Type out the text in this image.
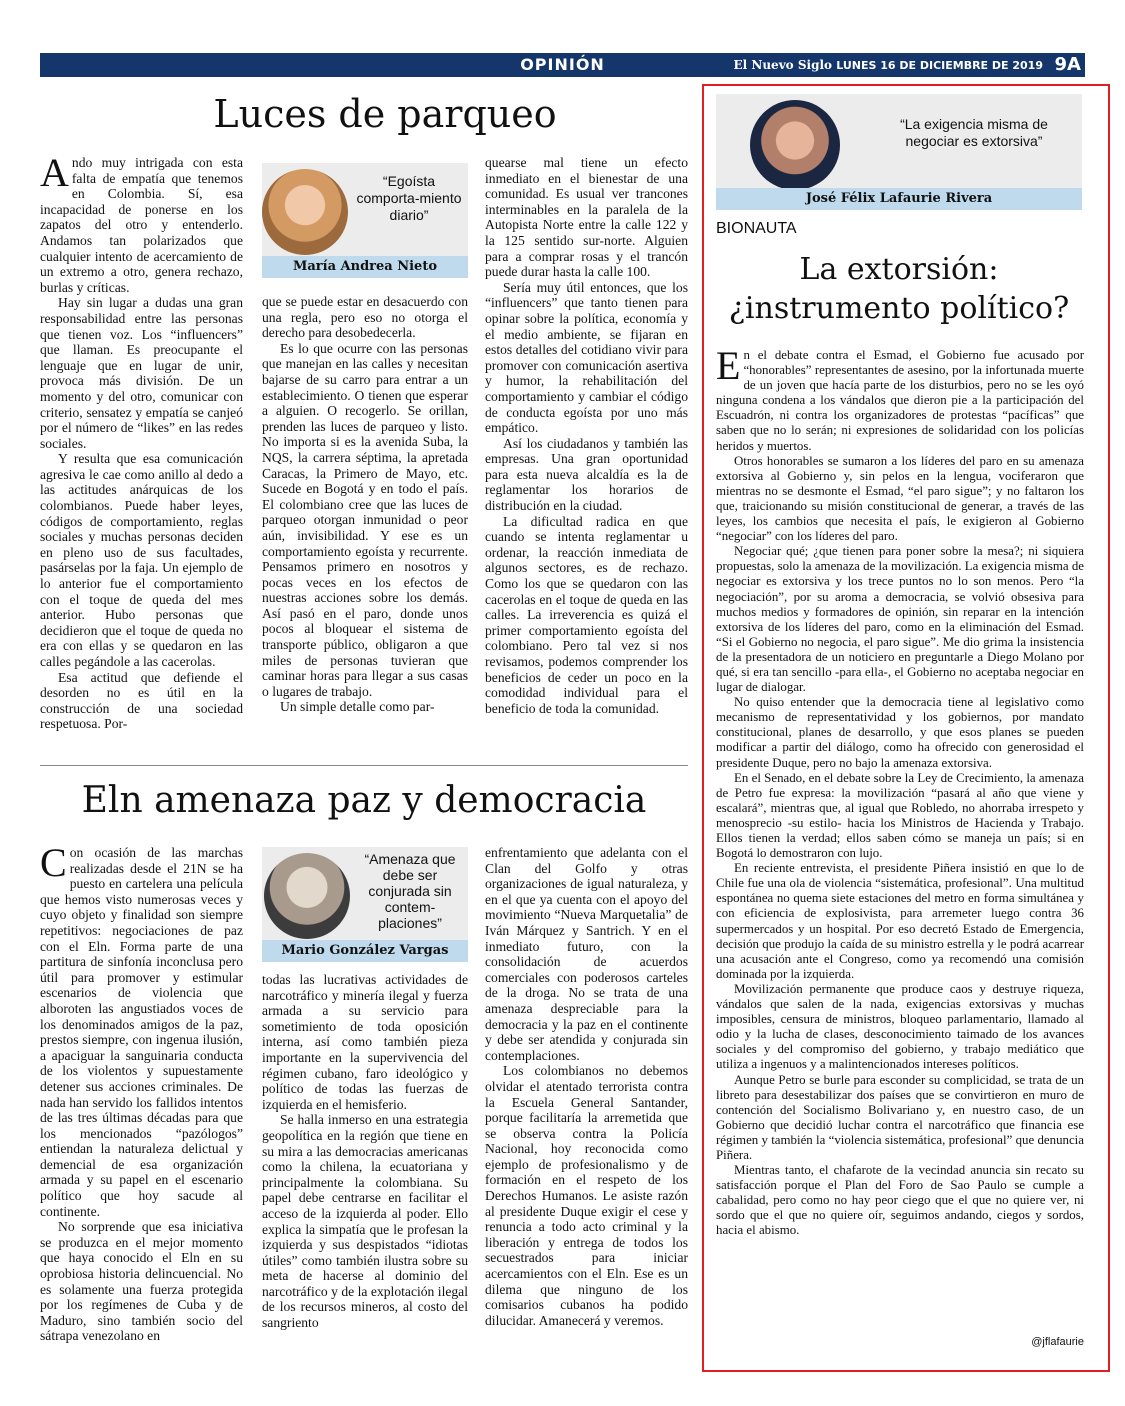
OPINIÓN	El Nuevo Siglo LUNES 16 DE DICIEMBRE DE 2019 9A
Luces de parqueo

Ando muy intrigada con esta falta de empatía que tenemos en Colombia. Sí, esa incapacidad de ponerse en los zapatos del otro y entenderlo. Andamos tan polarizados que cualquier intento de acercamiento de un extremo a otro, genera rechazo, burlas y críticas.

Hay sin lugar a dudas una gran responsabilidad entre las personas que tienen voz. Los “influencers” que llaman. Es preocupante el lenguaje que en lugar de unir, provoca más división. De un momento y del otro, comunicar con criterio, sensatez y empatía se canjeó por el número de “likes” en las redes sociales.

Y resulta que esa comunicación agresiva le cae como anillo al dedo a las actitudes anárquicas de los colombianos. Puede haber leyes, códigos de comportamiento, reglas sociales y muchas personas deciden en pleno uso de sus facultades, pasárselas por la faja. Un ejemplo de lo anterior fue el comportamiento con el toque de queda del mes anterior. Hubo personas que decidieron que el toque de queda no era con ellas y se quedaron en las calles pegándole a las cacerolas.

Esa actitud que defiende el desorden no es útil en la construcción de una sociedad respetuosa. Por-

“Egoísta comporta-miento diario”
María Andrea Nieto

que se puede estar en desacuerdo con una regla, pero eso no otorga el derecho para desobedecerla.

Es lo que ocurre con las personas que manejan en las calles y necesitan bajarse de su carro para entrar a un establecimiento. O tienen que esperar a alguien. O recogerlo. Se orillan, prenden las luces de parqueo y listo. No importa si es la avenida Suba, la NQS, la carrera séptima, la apretada Caracas, la Primero de Mayo, etc. Sucede en Bogotá y en todo el país. El colombiano cree que las luces de parqueo otorgan inmunidad o peor aún, invisibilidad. Y ese es un comportamiento egoísta y recurrente. Pensamos primero en nosotros y pocas veces en los efectos de nuestras acciones sobre los demás. Así pasó en el paro, donde unos pocos al bloquear el sistema de transporte público, obligaron a que miles de personas tuvieran que caminar horas para llegar a sus casas o lugares de trabajo.

Un simple detalle como par-

quearse mal tiene un efecto inmediato en el bienestar de una comunidad. Es usual ver trancones interminables en la paralela de la Autopista Norte entre la calle 122 y la 125 sentido sur-norte. Alguien para a comprar rosas y el trancón puede durar hasta la calle 100.

Sería muy útil entonces, que los “influencers” que tanto tienen para opinar sobre la política, economía y el medio ambiente, se fijaran en estos detalles del cotidiano vivir para promover con comunicación asertiva y humor, la rehabilitación del comportamiento y cambiar el código de conducta egoísta por uno más empático.

Así los ciudadanos y también las empresas. Una gran oportunidad para esta nueva alcaldía es la de reglamentar los horarios de distribución en la ciudad.

La dificultad radica en que cuando se intenta reglamentar u ordenar, la reacción inmediata de algunos sectores, es de rechazo. Como los que se quedaron con las cacerolas en el toque de queda en las calles. La irreverencia es quizá el primer comportamiento egoísta del colombiano. Pero tal vez si nos revisamos, podemos comprender los beneficios de ceder un poco en la comodidad individual para el beneficio de toda la comunidad.

Eln amenaza paz y democracia

Con ocasión de las marchas realizadas desde el 21N se ha puesto en cartelera una película que hemos visto numerosas veces y cuyo objeto y finalidad son siempre repetitivos: negociaciones de paz con el Eln. Forma parte de una partitura de sinfonía inconclusa pero útil para promover y estimular escenarios de violencia que alboroten las angustiados voces de los denominados amigos de la paz, prestos siempre, con ingenua ilusión, a apaciguar la sanguinaria conducta de los violentos y supuestamente detener sus acciones criminales. De nada han servido los fallidos intentos de las tres últimas décadas para que los mencionados “pazólogos” entiendan la naturaleza delictual y demencial de esa organización armada y su papel en el escenario político que hoy sacude al continente.

No sorprende que esa iniciativa se produzca en el mejor momento que haya conocido el Eln en su oprobiosa historia delincuencial. No es solamente una fuerza protegida por los regímenes de Cuba y de Maduro, sino también socio del sátrapa venezolano en

“Amenaza que debe ser conjurada sin contem-placiones”
Mario González Vargas

todas las lucrativas actividades de narcotráfico y minería ilegal y fuerza armada a su servicio para sometimiento de toda oposición interna, así como también pieza importante en la supervivencia del régimen cubano, faro ideológico y político de todas las fuerzas de izquierda en el hemisferio.

Se halla inmerso en una estrategia geopolítica en la región que tiene en su mira a las democracias americanas como la chilena, la ecuatoriana y principalmente la colombiana. Su papel debe centrarse en facilitar el acceso de la izquierda al poder. Ello explica la simpatía que le profesan la izquierda y sus despistados “idiotas útiles” como también ilustra sobre su meta de hacerse al dominio del narcotráfico y de la explotación ilegal de los recursos mineros, al costo del sangriento

enfrentamiento que adelanta con el Clan del Golfo y otras organizaciones de igual naturaleza, y en el que ya cuenta con el apoyo del movimiento “Nueva Marquetalia” de Iván Márquez y Santrich. Y en el inmediato futuro, con la consolidación de acuerdos comerciales con poderosos carteles de la droga. No se trata de una amenaza despreciable para la democracia y la paz en el continente y debe ser atendida y conjurada sin contemplaciones.

Los colombianos no debemos olvidar el atentado terrorista contra la Escuela General Santander, porque facilitaría la arremetida que se observa contra la Policía Nacional, hoy reconocida como ejemplo de profesionalismo y de formación en el respeto de los Derechos Humanos. Le asiste razón al presidente Duque exigir el cese y renuncia a todo acto criminal y la liberación y entrega de todos los secuestrados para iniciar acercamientos con el Eln. Ese es un dilema que ninguno de los comisarios cubanos ha podido dilucidar. Amanecerá y veremos.

“La exigencia misma de negociar es extorsiva”
José Félix Lafaurie Rivera
BIONAUTA
La extorsión:
¿instrumento político?

En el debate contra el Esmad, el Gobierno fue acusado por “honorables” representantes de asesino, por la infortunada muerte de un joven que hacía parte de los disturbios, pero no se les oyó ninguna condena a los vándalos que dieron pie a la participación del Escuadrón, ni contra los organizadores de protestas “pacíficas” que saben que no lo serán; ni expresiones de solidaridad con los policías heridos y muertos.

Otros honorables se sumaron a los líderes del paro en su amenaza extorsiva al Gobierno y, sin pelos en la lengua, vociferaron que mientras no se desmonte el Esmad, “el paro sigue”; y no faltaron los que, traicionando su misión constitucional de generar, a través de las leyes, los cambios que necesita el país, le exigieron al Gobierno “negociar” con los líderes del paro.

Negociar qué; ¿que tienen para poner sobre la mesa?; ni siquiera propuestas, solo la amenaza de la movilización. La exigencia misma de negociar es extorsiva y los trece puntos no lo son menos. Pero “la negociación”, por su aroma a democracia, se volvió obsesiva para muchos medios y formadores de opinión, sin reparar en la intención extorsiva de los líderes del paro, como en la eliminación del Esmad. “Si el Gobierno no negocia, el paro sigue”. Me dio grima la insistencia de la presentadora de un noticiero en preguntarle a Diego Molano por qué, si era tan sencillo -para ella-, el Gobierno no aceptaba negociar en lugar de dialogar.

No quiso entender que la democracia tiene al legislativo como mecanismo de representatividad y los gobiernos, por mandato constitucional, planes de desarrollo, y que esos planes se pueden modificar a partir del diálogo, como ha ofrecido con generosidad el presidente Duque, pero no bajo la amenaza extorsiva.

En el Senado, en el debate sobre la Ley de Crecimiento, la amenaza de Petro fue expresa: la movilización “pasará al año que viene y escalará”, mientras que, al igual que Robledo, no ahorraba irrespeto y menosprecio -su estilo- hacia los Ministros de Hacienda y Trabajo. Ellos tienen la verdad; ellos saben cómo se maneja un país; si en Bogotá lo demostraron con lujo.

En reciente entrevista, el presidente Piñera insistió en que lo de Chile fue una ola de violencia “sistemática, profesional”. Una multitud espontánea no quema siete estaciones del metro en forma simultánea y con eficiencia de explosivista, para arremeter luego contra 36 supermercados y un hospital. Por eso decretó Estado de Emergencia, decisión que produjo la caída de su ministro estrella y le podrá acarrear una acusación ante el Congreso, como ya recomendó una comisión dominada por la izquierda.

Movilización permanente que produce caos y destruye riqueza, vándalos que salen de la nada, exigencias extorsivas y muchas imposibles, censura de ministros, bloqueo parlamentario, llamado al odio y la lucha de clases, desconocimiento taimado de los avances sociales y del compromiso del gobierno, y trabajo mediático que utiliza a ingenuos y a malintencionados intereses políticos.

Aunque Petro se burle para esconder su complicidad, se trata de un libreto para desestabilizar dos países que se convirtieron en muro de contención del Socialismo Bolivariano y, en nuestro caso, de un Gobierno que decidió luchar contra el narcotráfico que financia ese régimen y también la “violencia sistemática, profesional” que denuncia Piñera.

Mientras tanto, el chafarote de la vecindad anuncia sin recato su satisfacción porque el Plan del Foro de Sao Paulo se cumple a cabalidad, pero como no hay peor ciego que el que no quiere ver, ni sordo que el que no quiere oír, seguimos andando, ciegos y sordos, hacia el abismo.

@jflafaurie
